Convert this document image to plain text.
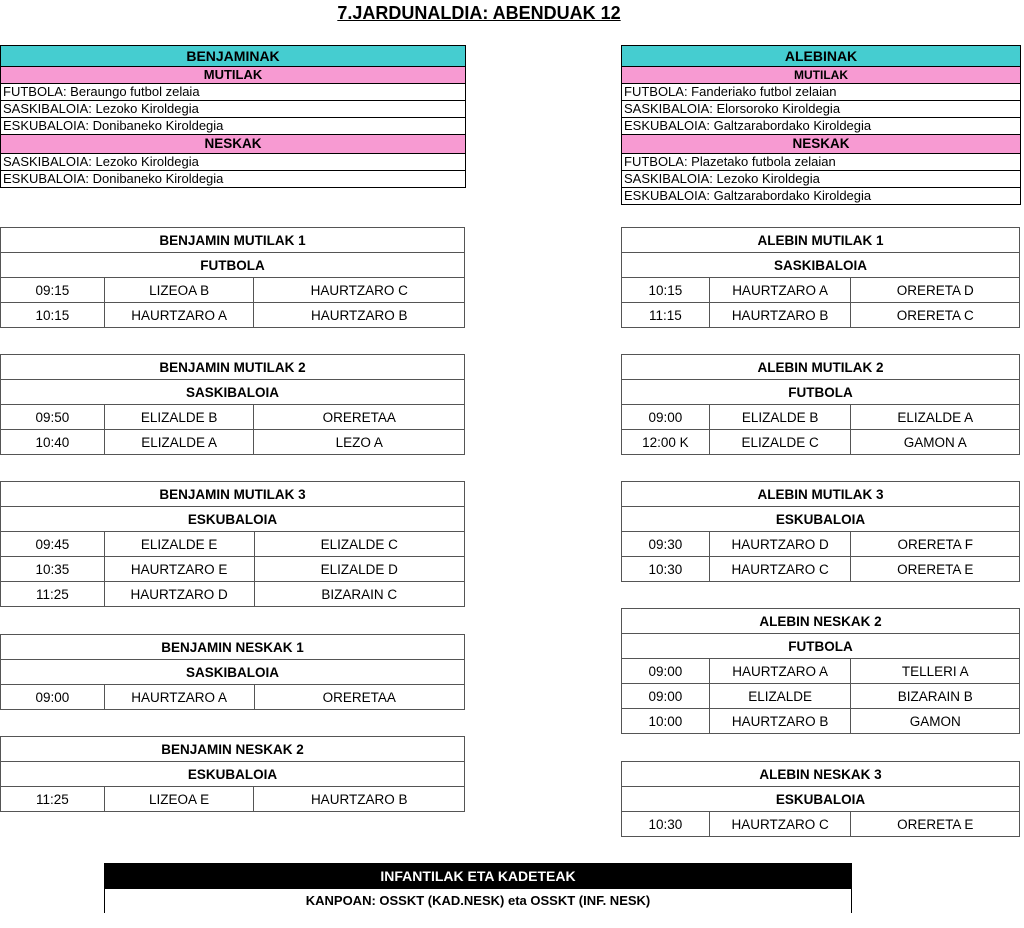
7.JARDUNALDIA: ABENDUAK 12
BENJAMINAK
MUTILAK
FUTBOLA: Beraungo futbol zelaia
SASKIBALOIA: Lezoko Kiroldegia
ESKUBALOIA: Donibaneko Kiroldegia
NESKAK
SASKIBALOIA: Lezoko Kiroldegia
ESKUBALOIA: Donibaneko Kiroldegia
ALEBINAK
MUTILAK
FUTBOLA: Fanderiako futbol zelaian
SASKIBALOIA: Elorsoroko Kiroldegia
ESKUBALOIA: Galtzarabordako Kiroldegia
NESKAK
FUTBOLA: Plazetako futbola zelaian
SASKIBALOIA: Lezoko Kiroldegia
ESKUBALOIA: Galtzarabordako Kiroldegia
BENJAMIN MUTILAK 1		
FUTBOLA		
09:15	LIZEOA B	HAURTZARO C
10:15	HAURTZARO A	HAURTZARO B
BENJAMIN MUTILAK 2		
SASKIBALOIA		
09:50	ELIZALDE B	ORERETAA
10:40	ELIZALDE A	LEZO A
BENJAMIN MUTILAK 3		
ESKUBALOIA		
09:45	ELIZALDE E	ELIZALDE C
10:35	HAURTZARO E	ELIZALDE D
11:25	HAURTZARO D	BIZARAIN C
BENJAMIN NESKAK 1
SASKIBALOIA
09:00	HAURTZARO A	ORERETAA
BENJAMIN NESKAK 2
ESKUBALOIA
11:25	LIZEOA E	HAURTZARO B
ALEBIN MUTILAK 1		
SASKIBALOIA		
10:15	HAURTZARO A	ORERETA D
11:15	HAURTZARO B	ORERETA C
ALEBIN MUTILAK 2		
FUTBOLA		
09:00	ELIZALDE B	ELIZALDE A
12:00 K	ELIZALDE C	GAMON A
ALEBIN MUTILAK 3		
ESKUBALOIA		
09:30	HAURTZARO D	ORERETA F
10:30	HAURTZARO C	ORERETA E
ALEBIN NESKAK 2		
FUTBOLA		
09:00	HAURTZARO A	TELLERI A
09:00	ELIZALDE	BIZARAIN B
10:00	HAURTZARO B	GAMON
ALEBIN NESKAK 3
ESKUBALOIA
10:30	HAURTZARO C	ORERETA E
INFANTILAK ETA KADETEAK
KANPOAN: OSSKT (KAD.NESK) eta OSSKT (INF. NESK)
